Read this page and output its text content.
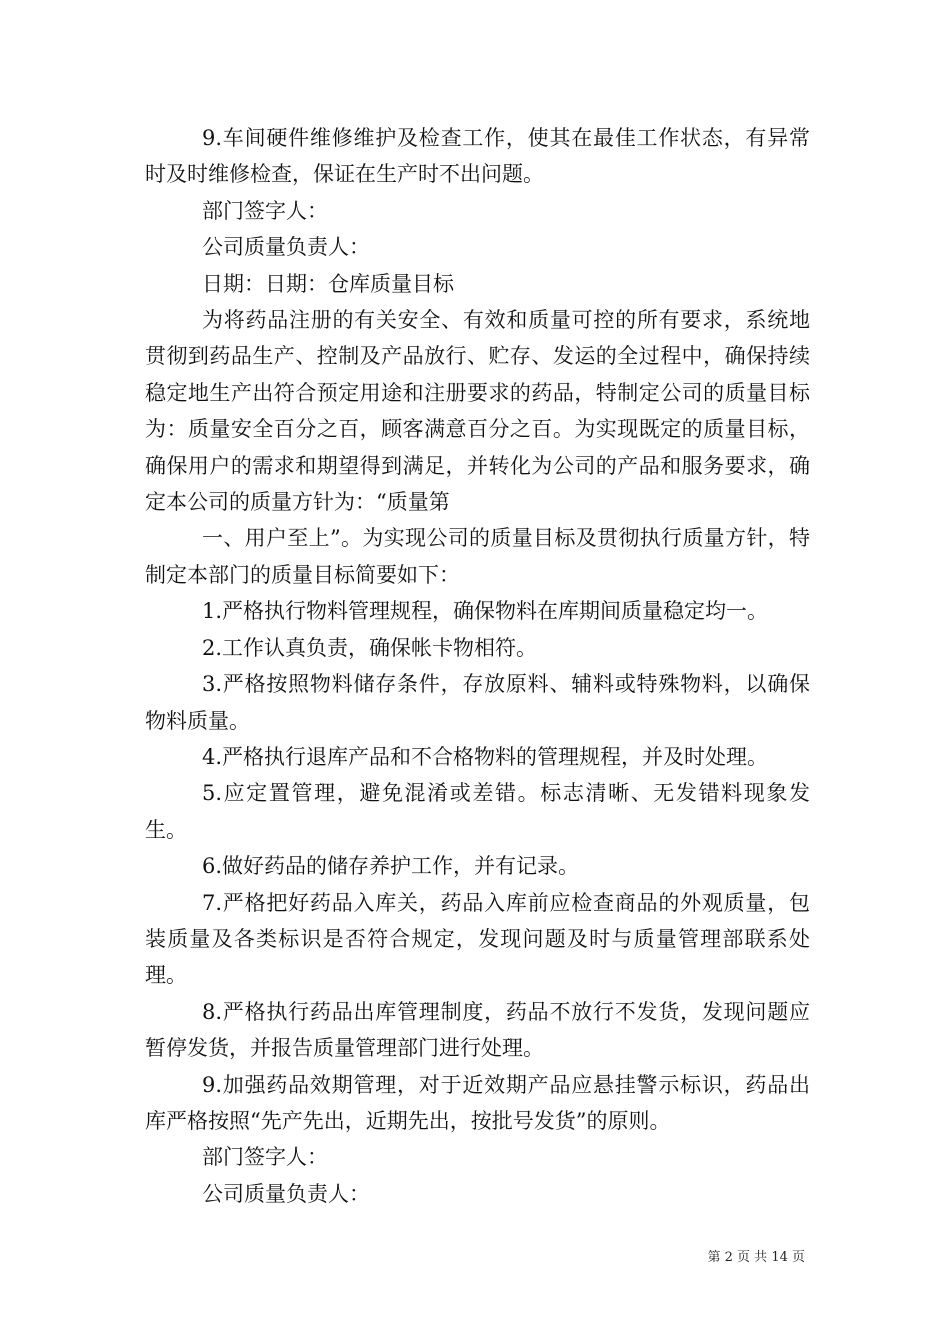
9.车间硬件维修维护及检查工作，使其在最佳工作状态，有异常时及时维修检查，保证在生产时不出问题。

部门签字人：

公司质量负责人：

日期：日期：仓库质量目标

为将药品注册的有关安全、有效和质量可控的所有要求，系统地贯彻到药品生产、控制及产品放行、贮存、发运的全过程中，确保持续稳定地生产出符合预定用途和注册要求的药品，特制定公司的质量目标为：质量安全百分之百，顾客满意百分之百。为实现既定的质量目标，确保用户的需求和期望得到满足，并转化为公司的产品和服务要求，确定本公司的质量方针为：“质量第

一、用户至上”。为实现公司的质量目标及贯彻执行质量方针，特制定本部门的质量目标简要如下：

1.严格执行物料管理规程，确保物料在库期间质量稳定均一。

2.工作认真负责，确保帐卡物相符。

3.严格按照物料储存条件，存放原料、辅料或特殊物料，以确保物料质量。

4.严格执行退库产品和不合格物料的管理规程，并及时处理。

5.应定置管理，避免混淆或差错。标志清晰、无发错料现象发生。

6.做好药品的储存养护工作，并有记录。

7.严格把好药品入库关，药品入库前应检查商品的外观质量，包装质量及各类标识是否符合规定，发现问题及时与质量管理部联系处理。

8.严格执行药品出库管理制度，药品不放行不发货，发现问题应暂停发货，并报告质量管理部门进行处理。

9.加强药品效期管理，对于近效期产品应悬挂警示标识，药品出库严格按照“先产先出，近期先出，按批号发货”的原则。

部门签字人：

公司质量负责人：

第 2 页 共 14 页
